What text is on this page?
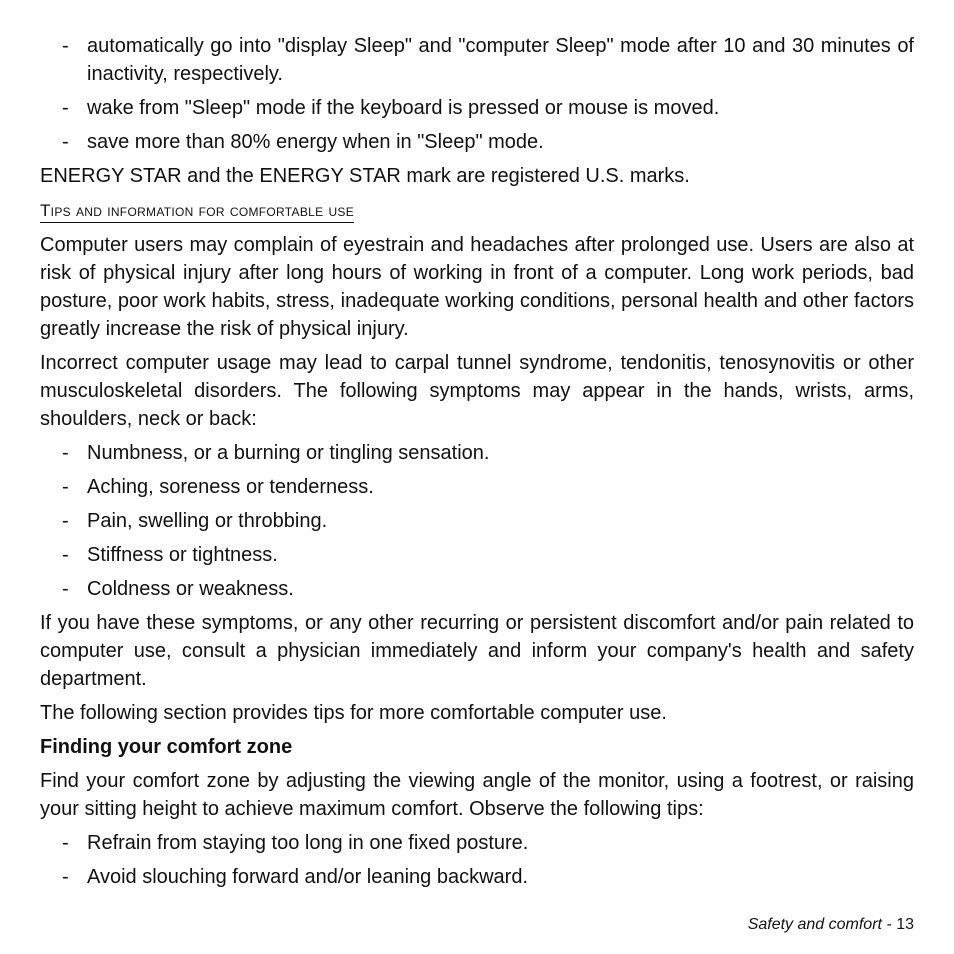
- automatically go into "display Sleep" and "computer Sleep" mode after 10 and 30 minutes of inactivity, respectively.
- wake from "Sleep" mode if the keyboard is pressed or mouse is moved.
- save more than 80% energy when in "Sleep" mode.

ENERGY STAR and the ENERGY STAR mark are registered U.S. marks.

Tips and information for comfortable use

Computer users may complain of eyestrain and headaches after prolonged use. Users are also at risk of physical injury after long hours of working in front of a computer. Long work periods, bad posture, poor work habits, stress, inadequate working conditions, personal health and other factors greatly increase the risk of physical injury.

Incorrect computer usage may lead to carpal tunnel syndrome, tendonitis, tenosynovitis or other musculoskeletal disorders. The following symptoms may appear in the hands, wrists, arms, shoulders, neck or back:

- Numbness, or a burning or tingling sensation.
- Aching, soreness or tenderness.
- Pain, swelling or throbbing.
- Stiffness or tightness.
- Coldness or weakness.

If you have these symptoms, or any other recurring or persistent discomfort and/or pain related to computer use, consult a physician immediately and inform your company's health and safety department.

The following section provides tips for more comfortable computer use.

Finding your comfort zone

Find your comfort zone by adjusting the viewing angle of the monitor, using a footrest, or raising your sitting height to achieve maximum comfort. Observe the following tips:

- Refrain from staying too long in one fixed posture.
- Avoid slouching forward and/or leaning backward.
Safety and comfort - 13
